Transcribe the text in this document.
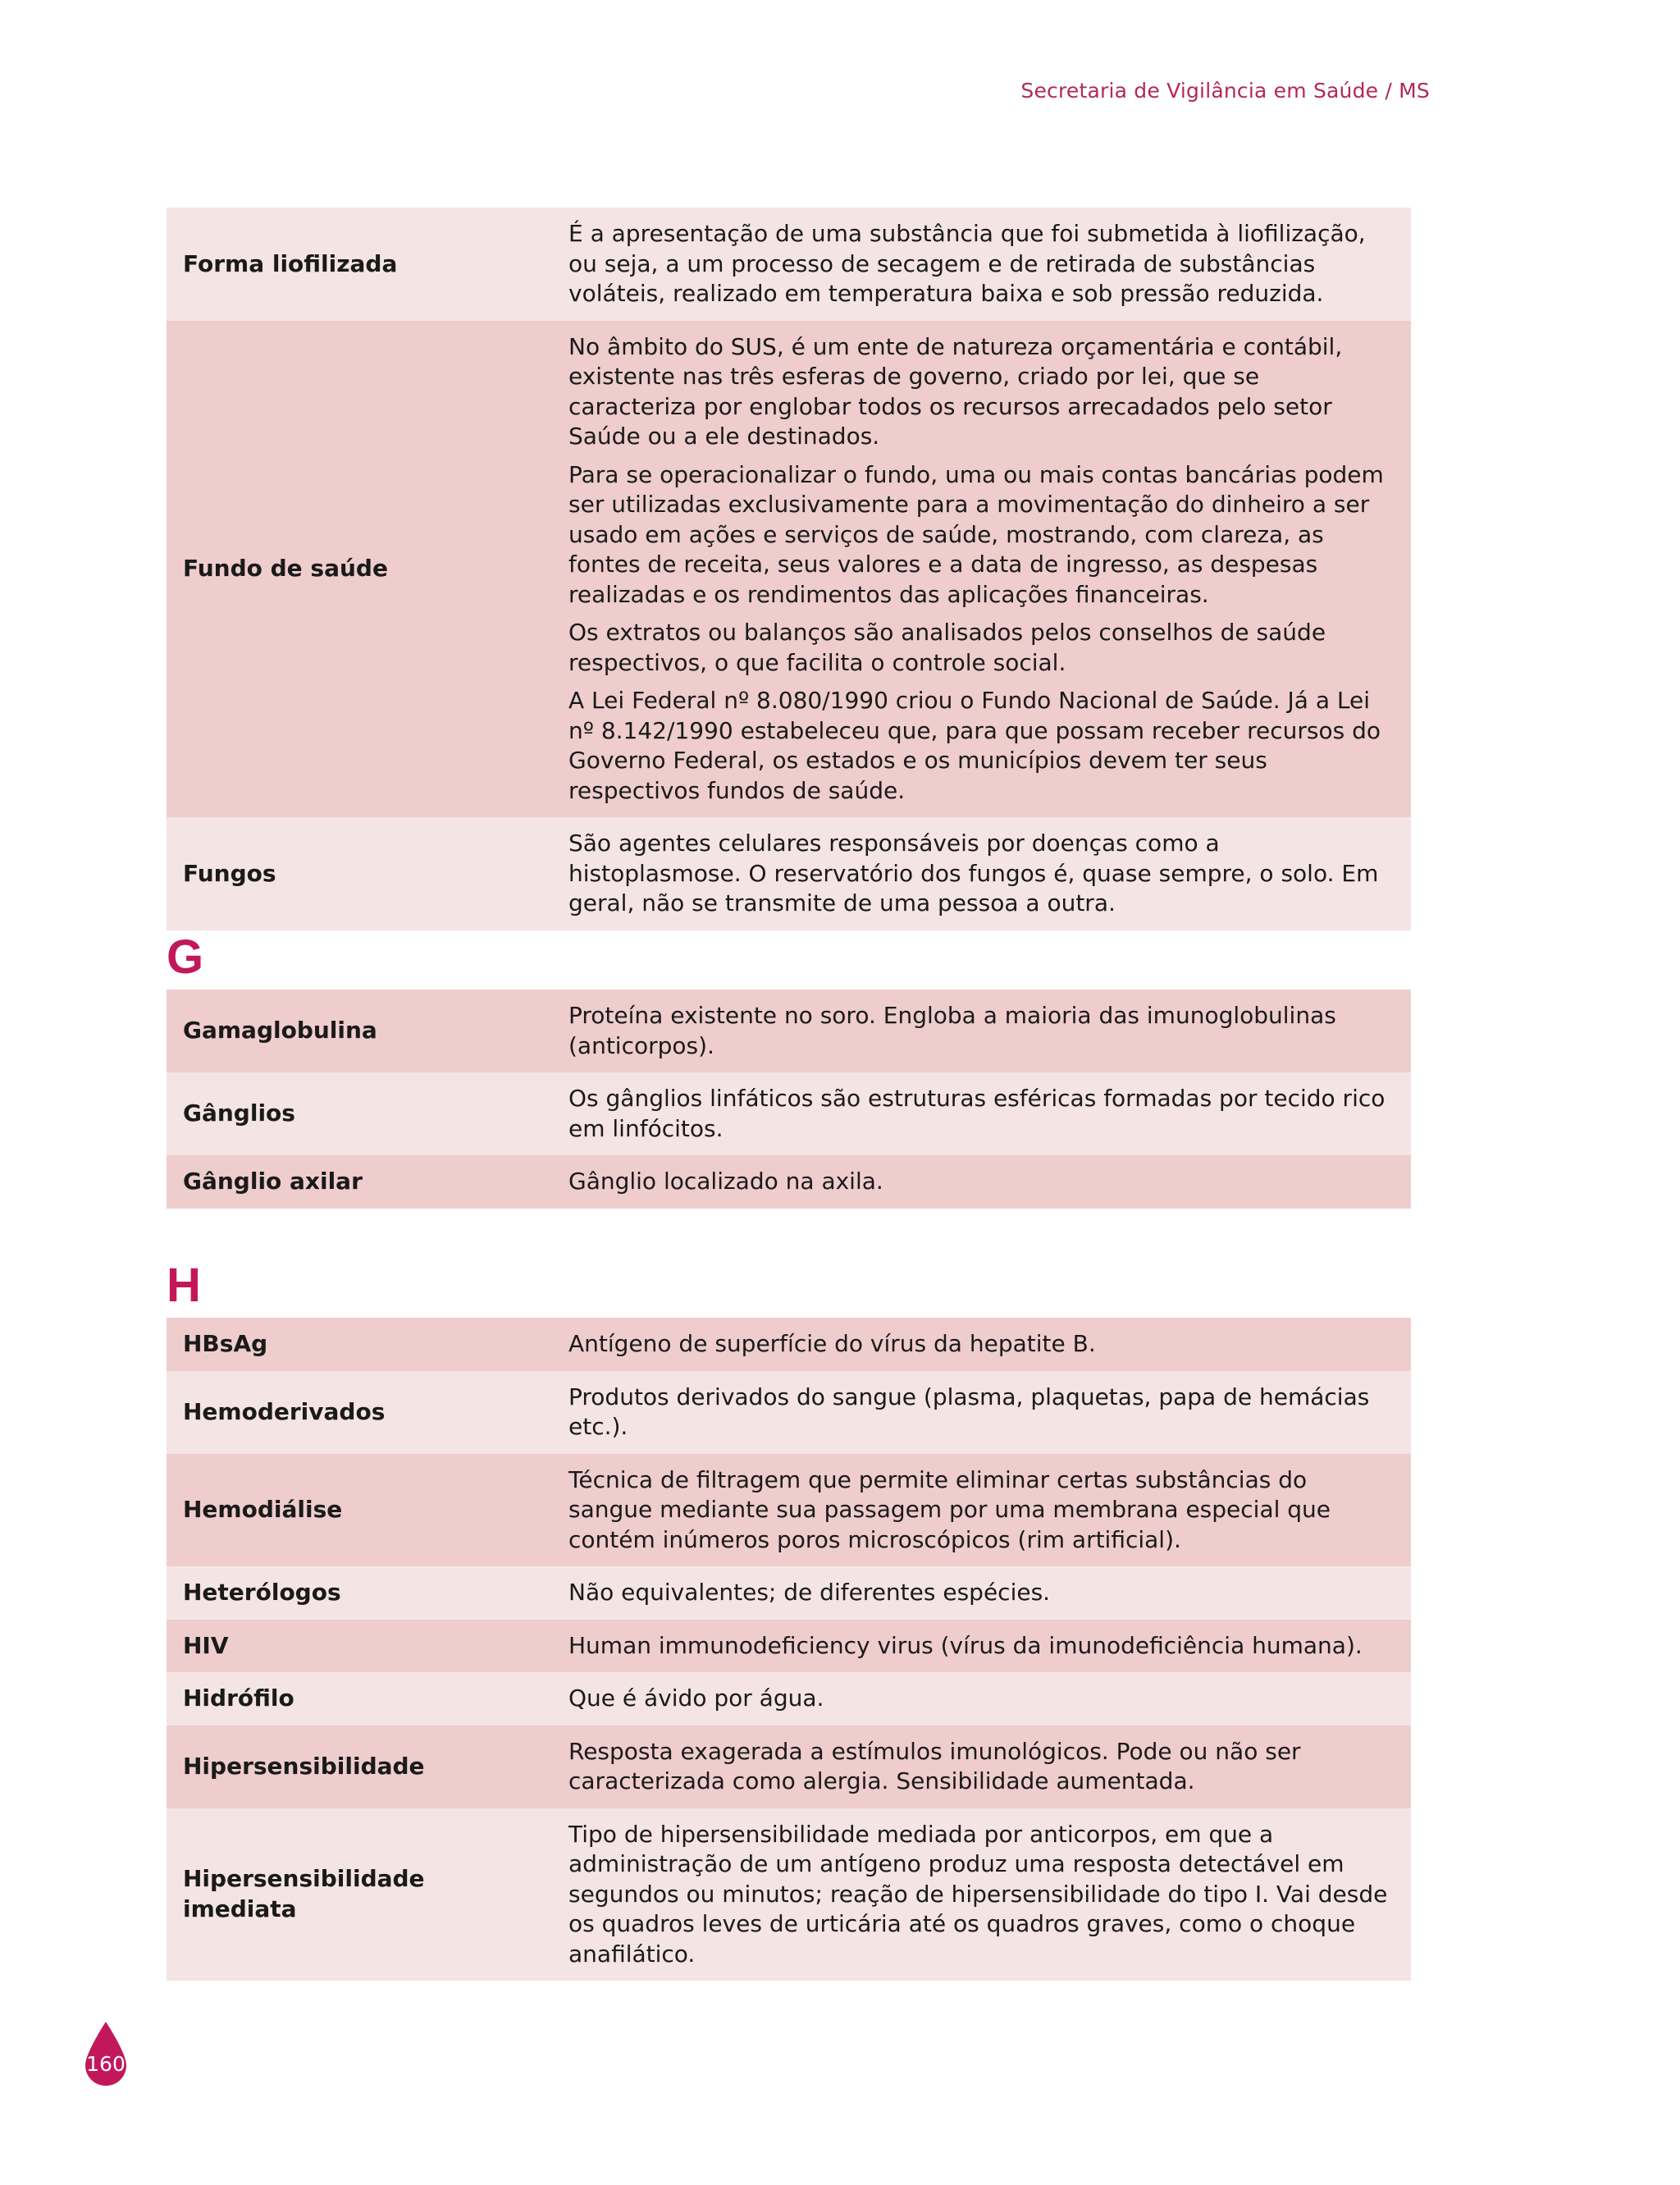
Secretaria de Vigilância em Saúde / MS
Forma liofilizada	É a apresentação de uma substância que foi submetida à liofilização, ou seja, a um processo de secagem e de retirada de substâncias voláteis, realizado em temperatura baixa e sob pressão reduzida.

Fundo de saúde	No âmbito do SUS, é um ente de natureza orçamentária e contábil, existente nas três esferas de governo, criado por lei, que se caracteriza por englobar todos os recursos arrecadados pelo setor Saúde ou a ele destinados.

Para se operacionalizar o fundo, uma ou mais contas bancárias podem ser utilizadas exclusivamente para a movimentação do dinheiro a ser usado em ações e serviços de saúde, mostrando, com clareza, as fontes de receita, seus valores e a data de ingresso, as despesas realizadas e os rendimentos das aplicações financeiras.

Os extratos ou balanços são analisados pelos conselhos de saúde respectivos, o que facilita o controle social.

A Lei Federal nº 8.080/1990 criou o Fundo Nacional de Saúde. Já a Lei nº 8.142/1990 estabeleceu que, para que possam receber recursos do Governo Federal, os estados e os municípios devem ter seus respectivos fundos de saúde.

Fungos	São agentes celulares responsáveis por doenças como a histoplasmose. O reservatório dos fungos é, quase sempre, o solo. Em geral, não se transmite de uma pessoa a outra.

G
Gamaglobulina	Proteína existente no soro. Engloba a maioria das imunoglobulinas (anticorpos).
Gânglios	Os gânglios linfáticos são estruturas esféricas formadas por tecido rico em linfócitos.
Gânglio axilar	Gânglio localizado na axila.
H
HBsAg	Antígeno de superfície do vírus da hepatite B.
Hemoderivados	Produtos derivados do sangue (plasma, plaquetas, papa de hemácias etc.).
Hemodiálise	Técnica de filtragem que permite eliminar certas substâncias do sangue mediante sua passagem por uma membrana especial que contém inúmeros poros microscópicos (rim artificial).
Heterólogos	Não equivalentes; de diferentes espécies.
HIV	Human immunodeficiency virus (vírus da imunodeficiência humana).
Hidrófilo	Que é ávido por água.
Hipersensibilidade	Resposta exagerada a estímulos imunológicos. Pode ou não ser caracterizada como alergia. Sensibilidade aumentada.
Hipersensibilidade imediata	Tipo de hipersensibilidade mediada por anticorpos, em que a administração de um antígeno produz uma resposta detectável em segundos ou minutos; reação de hipersensibilidade do tipo I. Vai desde os quadros leves de urticária até os quadros graves, como o choque anafilático.
160
